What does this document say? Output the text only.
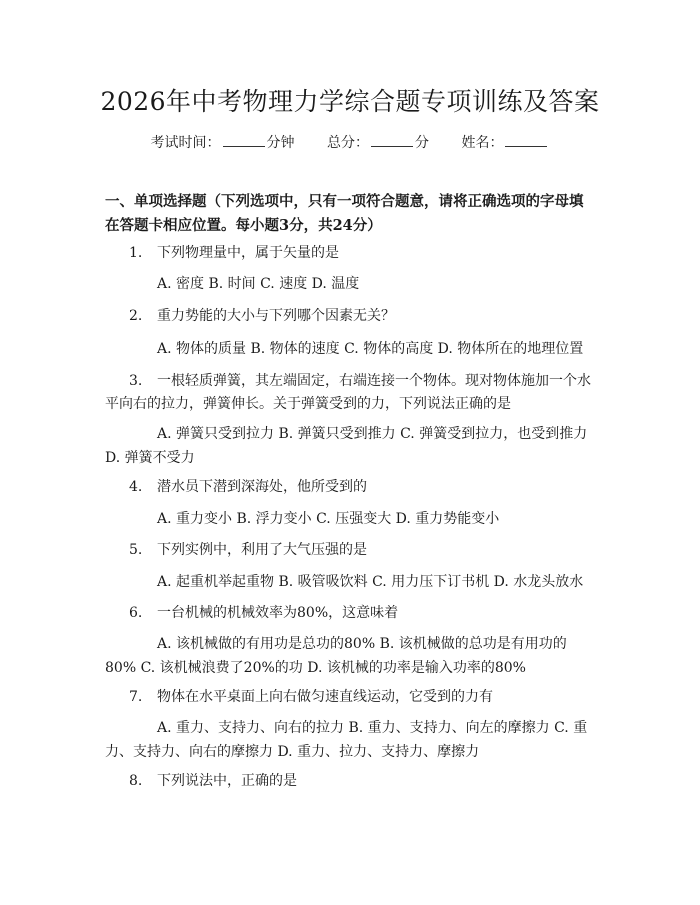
2026年中考物理力学综合题专项训练及答案
考试时间：	分钟 总分：	分 姓名：
一、单项选择题（下列选项中，只有一项符合题意，请将正确选项的字母填在答题卡相应位置。每小题3分，共24分）
1. 下列物理量中，属于矢量的是
A. 密度 B. 时间 C. 速度 D. 温度
2. 重力势能的大小与下列哪个因素无关？
A. 物体的质量 B. 物体的速度 C. 物体的高度 D. 物体所在的地理位置
3. 一根轻质弹簧，其左端固定，右端连接一个物体。现对物体施加一个水平向右的拉力，弹簧伸长。关于弹簧受到的力，下列说法正确的是
A. 弹簧只受到拉力 B. 弹簧只受到推力 C. 弹簧受到拉力，也受到推力 D. 弹簧不受力
4. 潜水员下潜到深海处，他所受到的
A. 重力变小 B. 浮力变小 C. 压强变大 D. 重力势能变小
5. 下列实例中，利用了大气压强的是
A. 起重机举起重物 B. 吸管吸饮料 C. 用力压下订书机 D. 水龙头放水
6. 一台机械的机械效率为80%，这意味着
A. 该机械做的有用功是总功的80% B. 该机械做的总功是有用功的80% C. 该机械浪费了20%的功 D. 该机械的功率是输入功率的80%
7. 物体在水平桌面上向右做匀速直线运动，它受到的力有
A. 重力、支持力、向右的拉力 B. 重力、支持力、向左的摩擦力 C. 重力、支持力、向右的摩擦力 D. 重力、拉力、支持力、摩擦力
8. 下列说法中，正确的是
